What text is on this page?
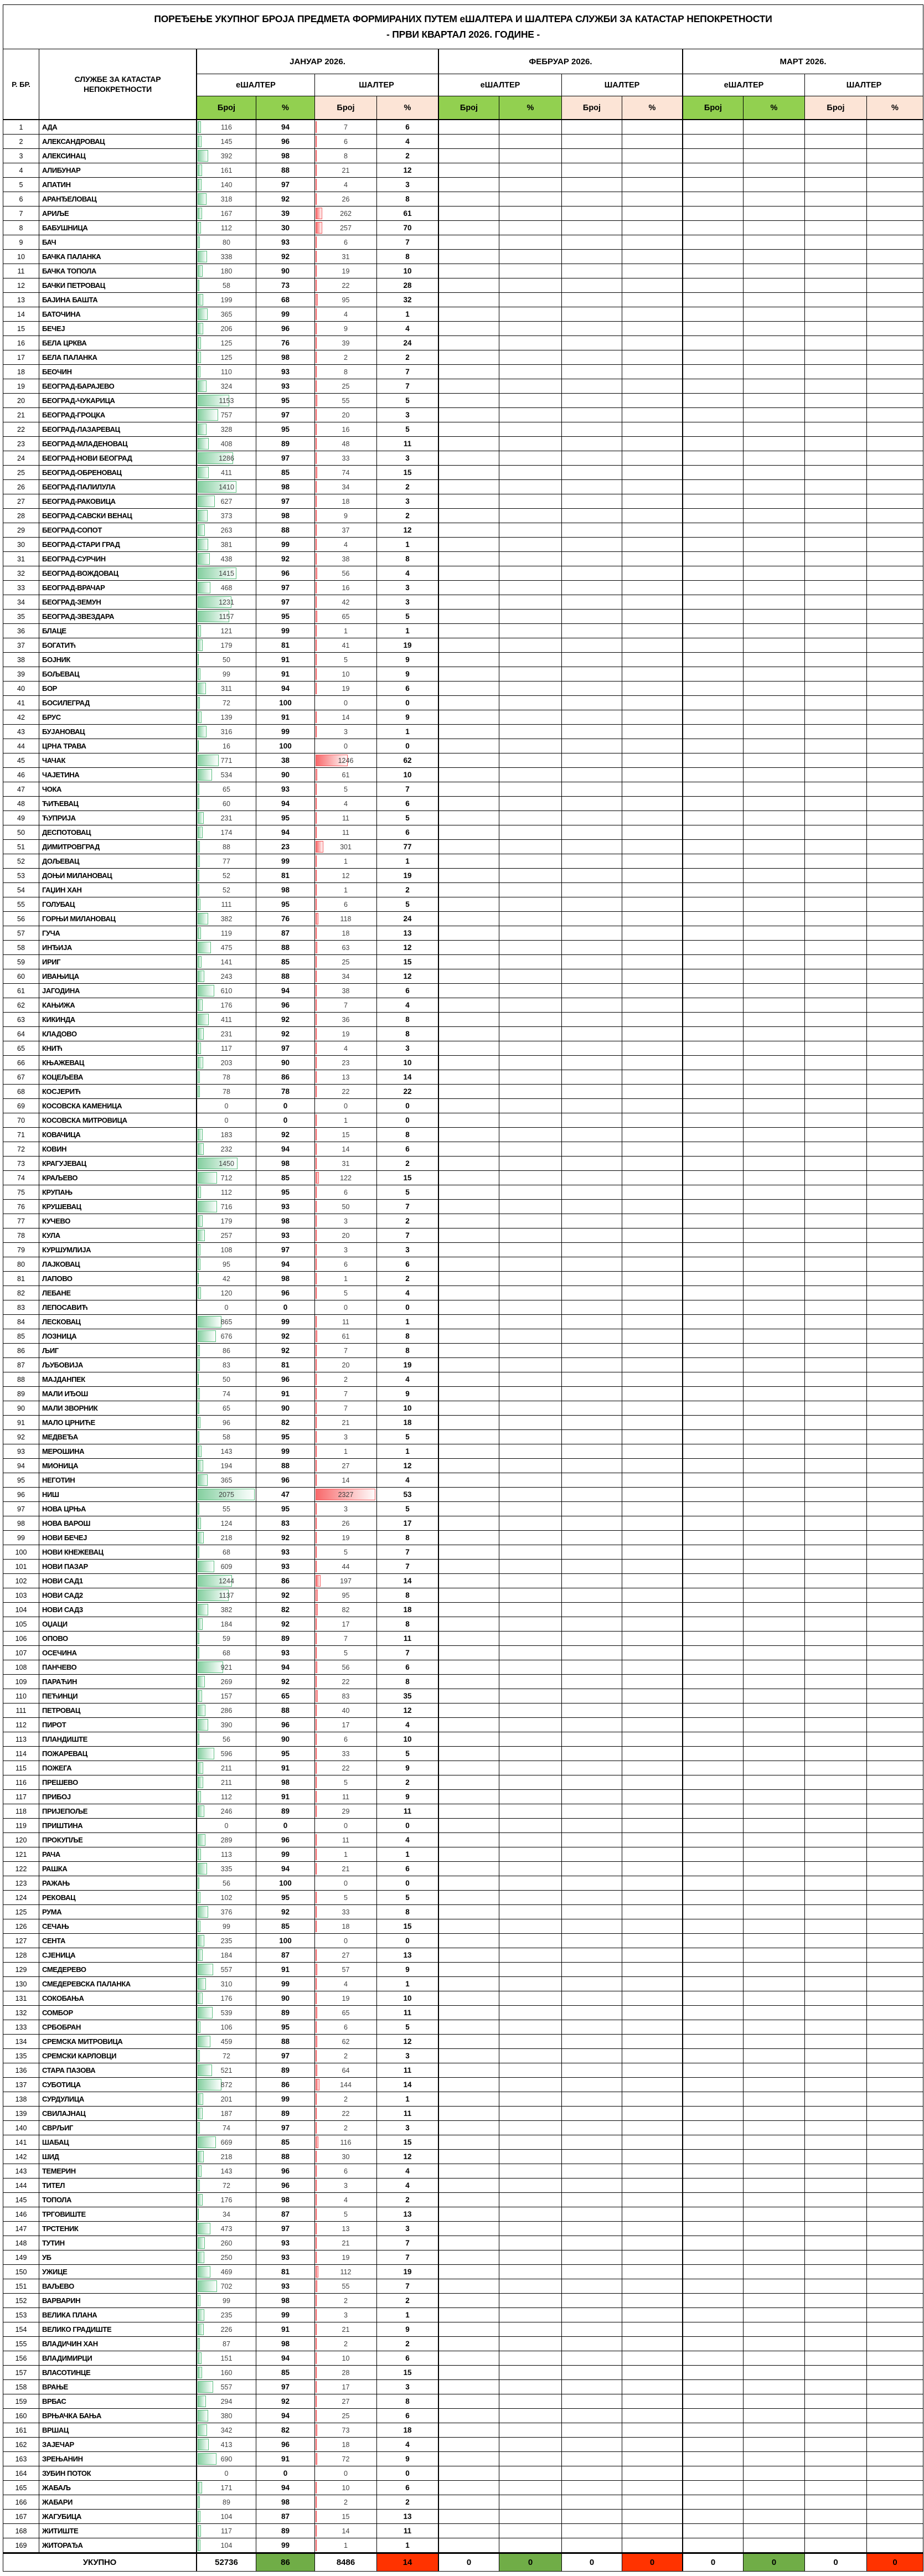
ПОРЕЂЕЊЕ УКУПНОГ БРОЈА ПРЕДМЕТА ФОРМИРАНИХ ПУТЕМ еШАЛТЕРА И ШАЛТЕРА СЛУЖБИ ЗА КАТАСТАР НЕПОКРЕТНОСТИ
- ПРВИ КВАРТАЛ 2026. ГОДИНЕ -
Р. БР.
СЛУЖБЕ ЗА КАТАСТАР НЕПОКРЕТНОСТИ
ЈАНУАР 2026.	ФЕБРУАР 2026.	МАРТ 2026.
еШАЛТЕР	ШАЛТЕР	еШАЛТЕР	ШАЛТЕР	еШАЛТЕР	ШАЛТЕР
Број	%	Број	%	Број	%	Број	%	Број	%	Број	%
1	АДА	116	94	7	6
2	АЛЕКСАНДРОВАЦ	145	96	6	4
3	АЛЕКСИНАЦ	392	98	8	2
4	АЛИБУНАР	161	88	21	12
5	АПАТИН	140	97	4	3
6	АРАНЂЕЛОВАЦ	318	92	26	8
7	АРИЉЕ	167	39	262	61
8	БАБУШНИЦА	112	30	257	70
9	БАЧ	80	93	6	7
10	БАЧКА ПАЛАНКА	338	92	31	8
11	БАЧКА ТОПОЛА	180	90	19	10
12	БАЧКИ ПЕТРОВАЦ	58	73	22	28
13	БАЈИНА БАШТА	199	68	95	32
14	БАТОЧИНА	365	99	4	1
15	БЕЧЕЈ	206	96	9	4
16	БЕЛА ЦРКВА	125	76	39	24
17	БЕЛА ПАЛАНКА	125	98	2	2
18	БЕОЧИН	110	93	8	7
19	БЕОГРАД-БАРАЈЕВО	324	93	25	7
20	БЕОГРАД-ЧУКАРИЦА	1153	95	55	5
21	БЕОГРАД-ГРОЦКА	757	97	20	3
22	БЕОГРАД-ЛАЗАРЕВАЦ	328	95	16	5
23	БЕОГРАД-МЛАДЕНОВАЦ	408	89	48	11
24	БЕОГРАД-НОВИ БЕОГРАД	1286	97	33	3
25	БЕОГРАД-ОБРЕНОВАЦ	411	85	74	15
26	БЕОГРАД-ПАЛИЛУЛА	1410	98	34	2
27	БЕОГРАД-РАКОВИЦА	627	97	18	3
28	БЕОГРАД-САВСКИ ВЕНАЦ	373	98	9	2
29	БЕОГРАД-СОПОТ	263	88	37	12
30	БЕОГРАД-СТАРИ ГРАД	381	99	4	1
31	БЕОГРАД-СУРЧИН	438	92	38	8
32	БЕОГРАД-ВОЖДОВАЦ	1415	96	56	4
33	БЕОГРАД-ВРАЧАР	468	97	16	3
34	БЕОГРАД-ЗЕМУН	1231	97	42	3
35	БЕОГРАД-ЗВЕЗДАРА	1157	95	65	5
36	БЛАЦЕ	121	99	1	1
37	БОГАТИЋ	179	81	41	19
38	БОЈНИК	50	91	5	9
39	БОЉЕВАЦ	99	91	10	9
40	БОР	311	94	19	6
41	БОСИЛЕГРАД	72	100	0	0
42	БРУС	139	91	14	9
43	БУЈАНОВАЦ	316	99	3	1
44	ЦРНА ТРАВА	16	100	0	0
45	ЧАЧАК	771	38	1246	62
46	ЧАЈЕТИНА	534	90	61	10
47	ЧОКА	65	93	5	7
48	ЋИЋЕВАЦ	60	94	4	6
49	ЋУПРИЈА	231	95	11	5
50	ДЕСПОТОВАЦ	174	94	11	6
51	ДИМИТРОВГРАД	88	23	301	77
52	ДОЉЕВАЦ	77	99	1	1
53	ДОЊИ МИЛАНОВАЦ	52	81	12	19
54	ГАЏИН ХАН	52	98	1	2
55	ГОЛУБАЦ	111	95	6	5
56	ГОРЊИ МИЛАНОВАЦ	382	76	118	24
57	ГУЧА	119	87	18	13
58	ИНЂИЈА	475	88	63	12
59	ИРИГ	141	85	25	15
60	ИВАЊИЦА	243	88	34	12
61	ЈАГОДИНА	610	94	38	6
62	КАЊИЖА	176	96	7	4
63	КИКИНДА	411	92	36	8
64	КЛАДОВО	231	92	19	8
65	КНИЋ	117	97	4	3
66	КЊАЖЕВАЦ	203	90	23	10
67	КОЦЕЉЕВА	78	86	13	14
68	КОСЈЕРИЋ	78	78	22	22
69	КОСОВСКА КАМЕНИЦА	0	0	0	0
70	КОСОВСКА МИТРОВИЦА	0	0	1	0
71	КОВАЧИЦА	183	92	15	8
72	КОВИН	232	94	14	6
73	КРАГУЈЕВАЦ	1450	98	31	2
74	КРАЉЕВО	712	85	122	15
75	КРУПАЊ	112	95	6	5
76	КРУШЕВАЦ	716	93	50	7
77	КУЧЕВО	179	98	3	2
78	КУЛА	257	93	20	7
79	КУРШУМЛИЈА	108	97	3	3
80	ЛАЈКОВАЦ	95	94	6	6
81	ЛАПОВО	42	98	1	2
82	ЛЕБАНЕ	120	96	5	4
83	ЛЕПОСАВИЋ	0	0	0	0
84	ЛЕСКОВАЦ	865	99	11	1
85	ЛОЗНИЦА	676	92	61	8
86	ЉИГ	86	92	7	8
87	ЉУБОВИЈА	83	81	20	19
88	МАЈДАНПЕК	50	96	2	4
89	МАЛИ ИЂОШ	74	91	7	9
90	МАЛИ ЗВОРНИК	65	90	7	10
91	МАЛО ЦРНИЋЕ	96	82	21	18
92	МЕДВЕЂА	58	95	3	5
93	МЕРОШИНА	143	99	1	1
94	МИОНИЦА	194	88	27	12
95	НЕГОТИН	365	96	14	4
96	НИШ	2075	47	2327	53
97	НОВА ЦРЊА	55	95	3	5
98	НОВА ВАРОШ	124	83	26	17
99	НОВИ БЕЧЕЈ	218	92	19	8
100	НОВИ КНЕЖЕВАЦ	68	93	5	7
101	НОВИ ПАЗАР	609	93	44	7
102	НОВИ САД1	1244	86	197	14
103	НОВИ САД2	1137	92	95	8
104	НОВИ САД3	382	82	82	18
105	ОЏАЦИ	184	92	17	8
106	ОПОВО	59	89	7	11
107	ОСЕЧИНА	68	93	5	7
108	ПАНЧЕВО	921	94	56	6
109	ПАРАЋИН	269	92	22	8
110	ПЕЋИНЦИ	157	65	83	35
111	ПЕТРОВАЦ	286	88	40	12
112	ПИРОТ	390	96	17	4
113	ПЛАНДИШТЕ	56	90	6	10
114	ПОЖАРЕВАЦ	596	95	33	5
115	ПОЖЕГА	211	91	22	9
116	ПРЕШЕВО	211	98	5	2
117	ПРИБОЈ	112	91	11	9
118	ПРИЈЕПОЉЕ	246	89	29	11
119	ПРИШТИНА	0	0	0	0
120	ПРОКУПЉЕ	289	96	11	4
121	РАЧА	113	99	1	1
122	РАШКА	335	94	21	6
123	РАЖАЊ	56	100	0	0
124	РЕКОВАЦ	102	95	5	5
125	РУМА	376	92	33	8
126	СЕЧАЊ	99	85	18	15
127	СЕНТА	235	100	0	0
128	СЈЕНИЦА	184	87	27	13
129	СМЕДЕРЕВО	557	91	57	9
130	СМЕДЕРЕВСКА ПАЛАНКА	310	99	4	1
131	СОКОБАЊА	176	90	19	10
132	СОМБОР	539	89	65	11
133	СРБОБРАН	106	95	6	5
134	СРЕМСКА МИТРОВИЦА	459	88	62	12
135	СРЕМСКИ КАРЛОВЦИ	72	97	2	3
136	СТАРА ПАЗОВА	521	89	64	11
137	СУБОТИЦА	872	86	144	14
138	СУРДУЛИЦА	201	99	2	1
139	СВИЛАЈНАЦ	187	89	22	11
140	СВРЉИГ	74	97	2	3
141	ШАБАЦ	669	85	116	15
142	ШИД	218	88	30	12
143	ТЕМЕРИН	143	96	6	4
144	ТИТЕЛ	72	96	3	4
145	ТОПОЛА	176	98	4	2
146	ТРГОВИШТЕ	34	87	5	13
147	ТРСТЕНИК	473	97	13	3
148	ТУТИН	260	93	21	7
149	УБ	250	93	19	7
150	УЖИЦЕ	469	81	112	19
151	ВАЉЕВО	702	93	55	7
152	ВАРВАРИН	99	98	2	2
153	ВЕЛИКА ПЛАНА	235	99	3	1
154	ВЕЛИКО ГРАДИШТЕ	226	91	21	9
155	ВЛАДИЧИН ХАН	87	98	2	2
156	ВЛАДИМИРЦИ	151	94	10	6
157	ВЛАСОТИНЦЕ	160	85	28	15
158	ВРАЊЕ	557	97	17	3
159	ВРБАС	294	92	27	8
160	ВРЊАЧКА БАЊА	380	94	25	6
161	ВРШАЦ	342	82	73	18
162	ЗАЈЕЧАР	413	96	18	4
163	ЗРЕЊАНИН	690	91	72	9
164	ЗУБИН ПОТОК	0	0	0	0
165	ЖАБАЉ	171	94	10	6
166	ЖАБАРИ	89	98	2	2
167	ЖАГУБИЦА	104	87	15	13
168	ЖИТИШТЕ	117	89	14	11
169	ЖИТОРАЂА	104	99	1	1
УКУПНО	52736	86	8486	14	0	0	0	0	0	0	0	0
